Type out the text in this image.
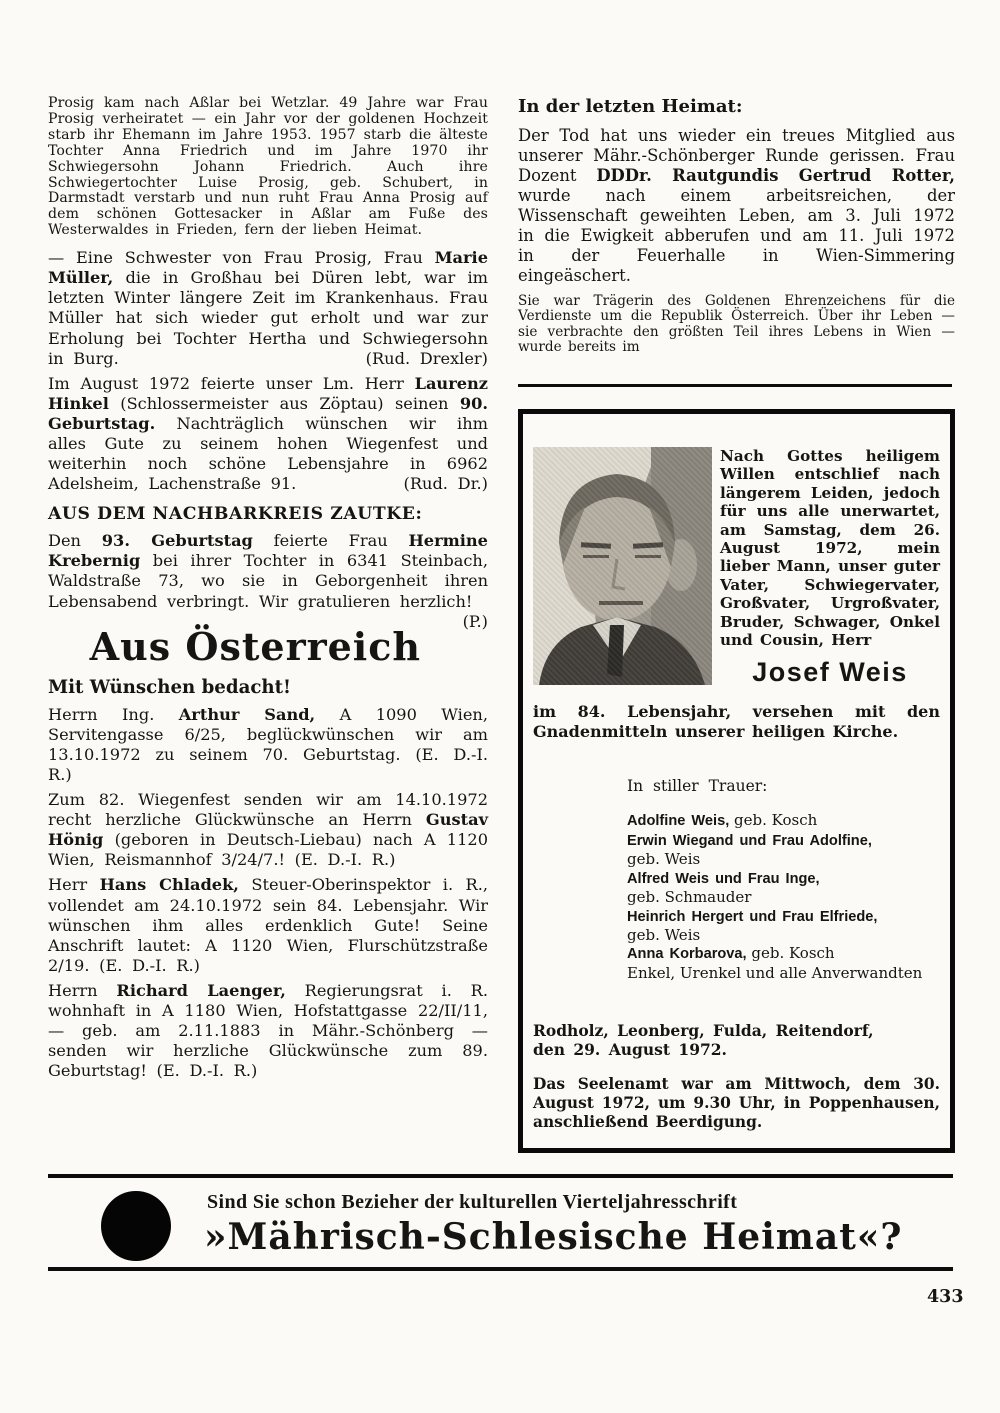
Prosig kam nach Aßlar bei Wetzlar. 49 Jahre war Frau Prosig verheiratet — ein Jahr vor der goldenen Hochzeit starb ihr Ehemann im Jahre 1953. 1957 starb die älteste Tochter Anna Friedrich und im Jahre 1970 ihr Schwiegersohn Johann Friedrich. Auch ihre Schwiegertochter Luise Prosig, geb. Schubert, in Darmstadt verstarb und nun ruht Frau Anna Prosig auf dem schönen Gottesacker in Aßlar am Fuße des Westerwaldes in Frieden, fern der lieben Heimat.

— Eine Schwester von Frau Prosig, Frau Marie Müller, die in Großhau bei Düren lebt, war im letzten Winter längere Zeit im Krankenhaus. Frau Müller hat sich wieder gut erholt und war zur Erholung bei Tochter Hertha und Schwiegersohn in Burg.	(Rud. Drexler)

Im August 1972 feierte unser Lm. Herr Laurenz Hinkel (Schlossermeister aus Zöptau) seinen 90. Geburtstag. Nachträglich wünschen wir ihm alles Gute zu seinem hohen Wiegenfest und weiterhin noch schöne Lebensjahre in 6962 Adelsheim, Lachenstraße 91.	(Rud. Dr.)

AUS DEM NACHBARKREIS ZAUTKE:

Den 93. Geburtstag feierte Frau Hermine Krebernig bei ihrer Tochter in 6341 Steinbach, Waldstraße 73, wo sie in Geborgenheit ihren Lebensabend verbringt. Wir gratulieren herzlich!
(P.)

Aus Österreich
Mit Wünschen bedacht!

Herrn Ing. Arthur Sand, A 1090 Wien, Servitengasse 6/25, beglückwünschen wir am 13.10.1972 zu seinem 70. Geburtstag. (E. D.-I. R.)

Zum 82. Wiegenfest senden wir am 14.10.1972 recht herzliche Glückwünsche an Herrn Gustav Hönig (geboren in Deutsch-Liebau) nach A 1120 Wien, Reismannhof 3/24/7.! (E. D.-I. R.)

Herr Hans Chladek, Steuer-Oberinspektor i. R., vollendet am 24.10.1972 sein 84. Lebensjahr. Wir wünschen ihm alles erdenklich Gute! Seine Anschrift lautet: A 1120 Wien, Flurschützstraße 2/19. (E. D.-I. R.)

Herrn Richard Laenger, Regierungsrat i. R. wohnhaft in A 1180 Wien, Hofstattgasse 22/II/11, — geb. am 2.11.1883 in Mähr.-Schönberg — senden wir herzliche Glückwünsche zum 89. Geburtstag! (E. D.-I. R.)

In der letzten Heimat:

Der Tod hat uns wieder ein treues Mitglied aus unserer Mähr.-Schönberger Runde gerissen. Frau Dozent DDDr. Rautgundis Gertrud Rotter, wurde nach einem arbeitsreichen, der Wissenschaft geweihten Leben, am 3. Juli 1972 in die Ewigkeit abberufen und am 11. Juli 1972 in der Feuerhalle in Wien-Simmering eingeäschert.

Sie war Trägerin des Goldenen Ehrenzeichens für die Verdienste um die Republik Österreich. Über ihr Leben — sie verbrachte den größten Teil ihres Lebens in Wien — wurde bereits im

Nach Gottes heiligem Willen entschlief nach längerem Leiden, jedoch für uns alle unerwartet, am Samstag, dem 26. August 1972, mein lieber Mann, unser guter Vater, Schwiegervater, Großvater, Urgroßvater, Bruder, Schwager, Onkel und Cousin, Herr

Josef Weis

im 84. Lebensjahr, versehen mit den Gnadenmitteln unserer heiligen Kirche.

In stiller Trauer:
Adolfine Weis, geb. Kosch
Erwin Wiegand und Frau Adolfine,
geb. Weis
Alfred Weis und Frau Inge,
geb. Schmauder
Heinrich Hergert und Frau Elfriede,
geb. Weis
Anna Korbarova, geb. Kosch
Enkel, Urenkel und alle Anverwandten
Rodholz, Leonberg, Fulda, Reitendorf,
den 29. August 1972.

Das Seelenamt war am Mittwoch, dem 30. August 1972, um 9.30 Uhr, in Poppenhausen, anschließend Beerdigung.

Sind Sie schon Bezieher der kulturellen Vierteljahresschrift
»Mährisch-Schlesische Heimat«?
433
